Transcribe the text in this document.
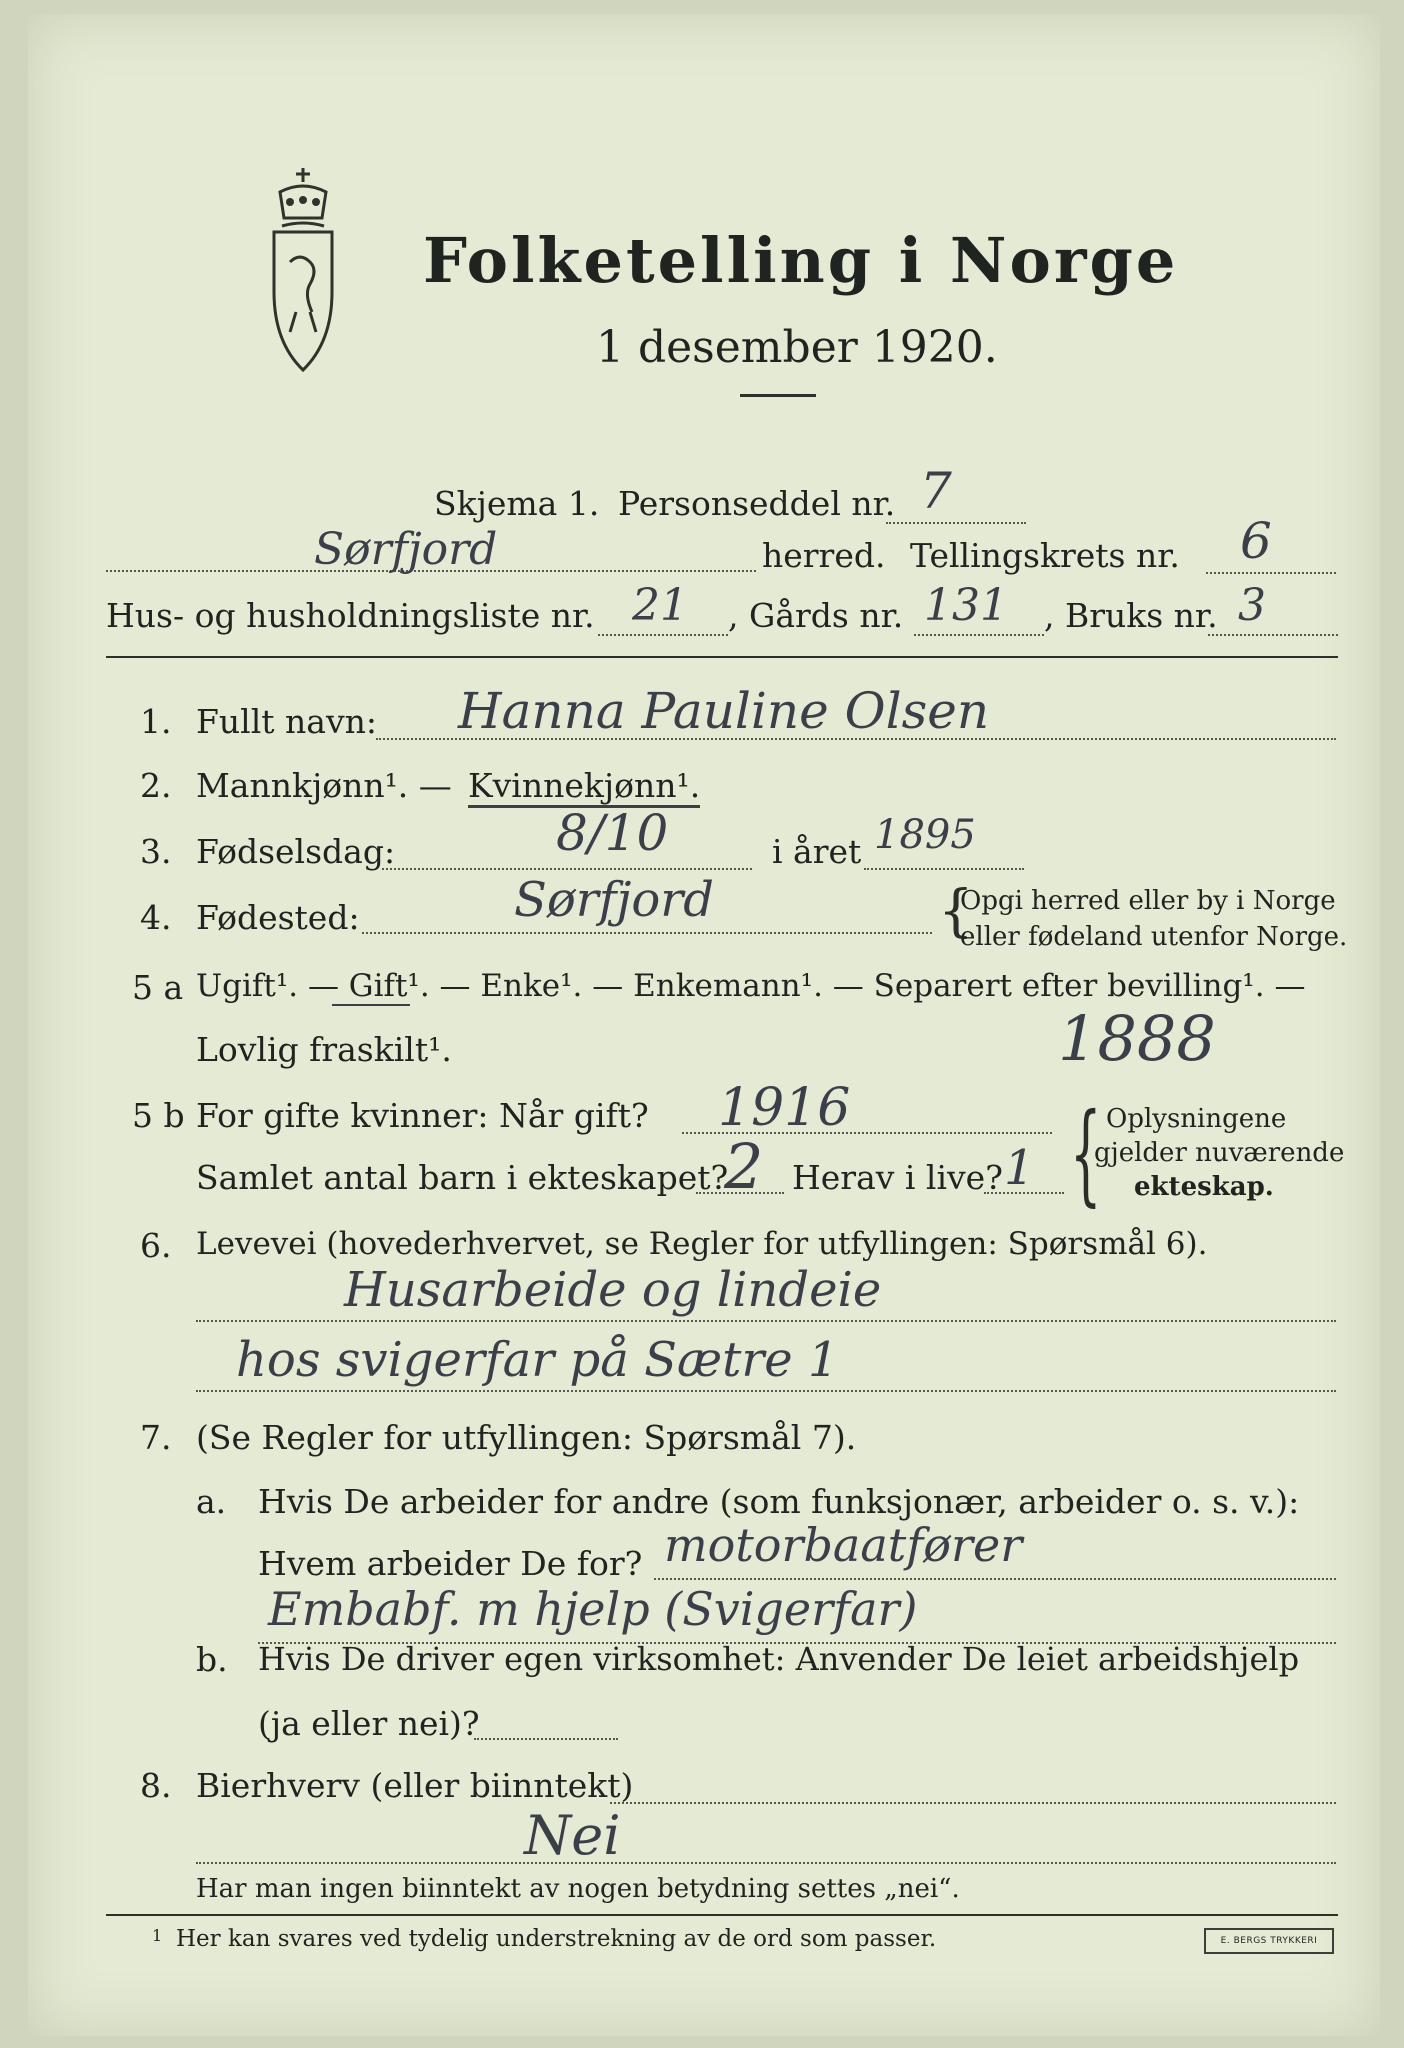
Folketelling i Norge
1 desember 1920.
Skjema 1. Personseddel nr. 7
Sørfjord	herred. Tellingskrets nr. 6
Hus- og husholdningsliste nr. 21 , Gårds nr. 131 , Bruks nr. 3
1. Fullt navn: Hanna Pauline Olsen
2. Mannkjønn¹. — Kvinnekjønn¹.
3. Fødselsdag:	8/10	i året 1895
4. Fødested:	Sørfjord	{
Opgi herred eller by i Norge
eller fødeland utenfor Norge.
5 a Ugift¹. — Gift¹. — Enke¹. — Enkemann¹. — Separert efter bevilling¹. —
Lovlig fraskilt¹.	1888
5 b For gifte kvinner: Når gift? 1916
Samlet antal barn i ekteskapet?
2 Herav i live? 1 { Oplysningene
gjelder nuværende
ekteskap.
6. Levevei (hovederhvervet, se Regler for utfyllingen: Spørsmål 6).
Husarbeide og lindeie
hos svigerfar på Sætre 1
7. (Se Regler for utfyllingen: Spørsmål 7).
a. Hvis De arbeider for andre (som funksjonær, arbeider o. s. v.):
Hvem arbeider De for? motorbaatfører
Embabf. m hjelp (Svigerfar)
b. Hvis De driver egen virksomhet: Anvender De leiet arbeidshjelp
(ja eller nei)?
8. Bierhverv (eller biinntekt)
Nei
Har man ingen biinntekt av nogen betydning settes „nei“.
1 Her kan svares ved tydelig understrekning av de ord som passer.	E. BERGS TRYKKERI
